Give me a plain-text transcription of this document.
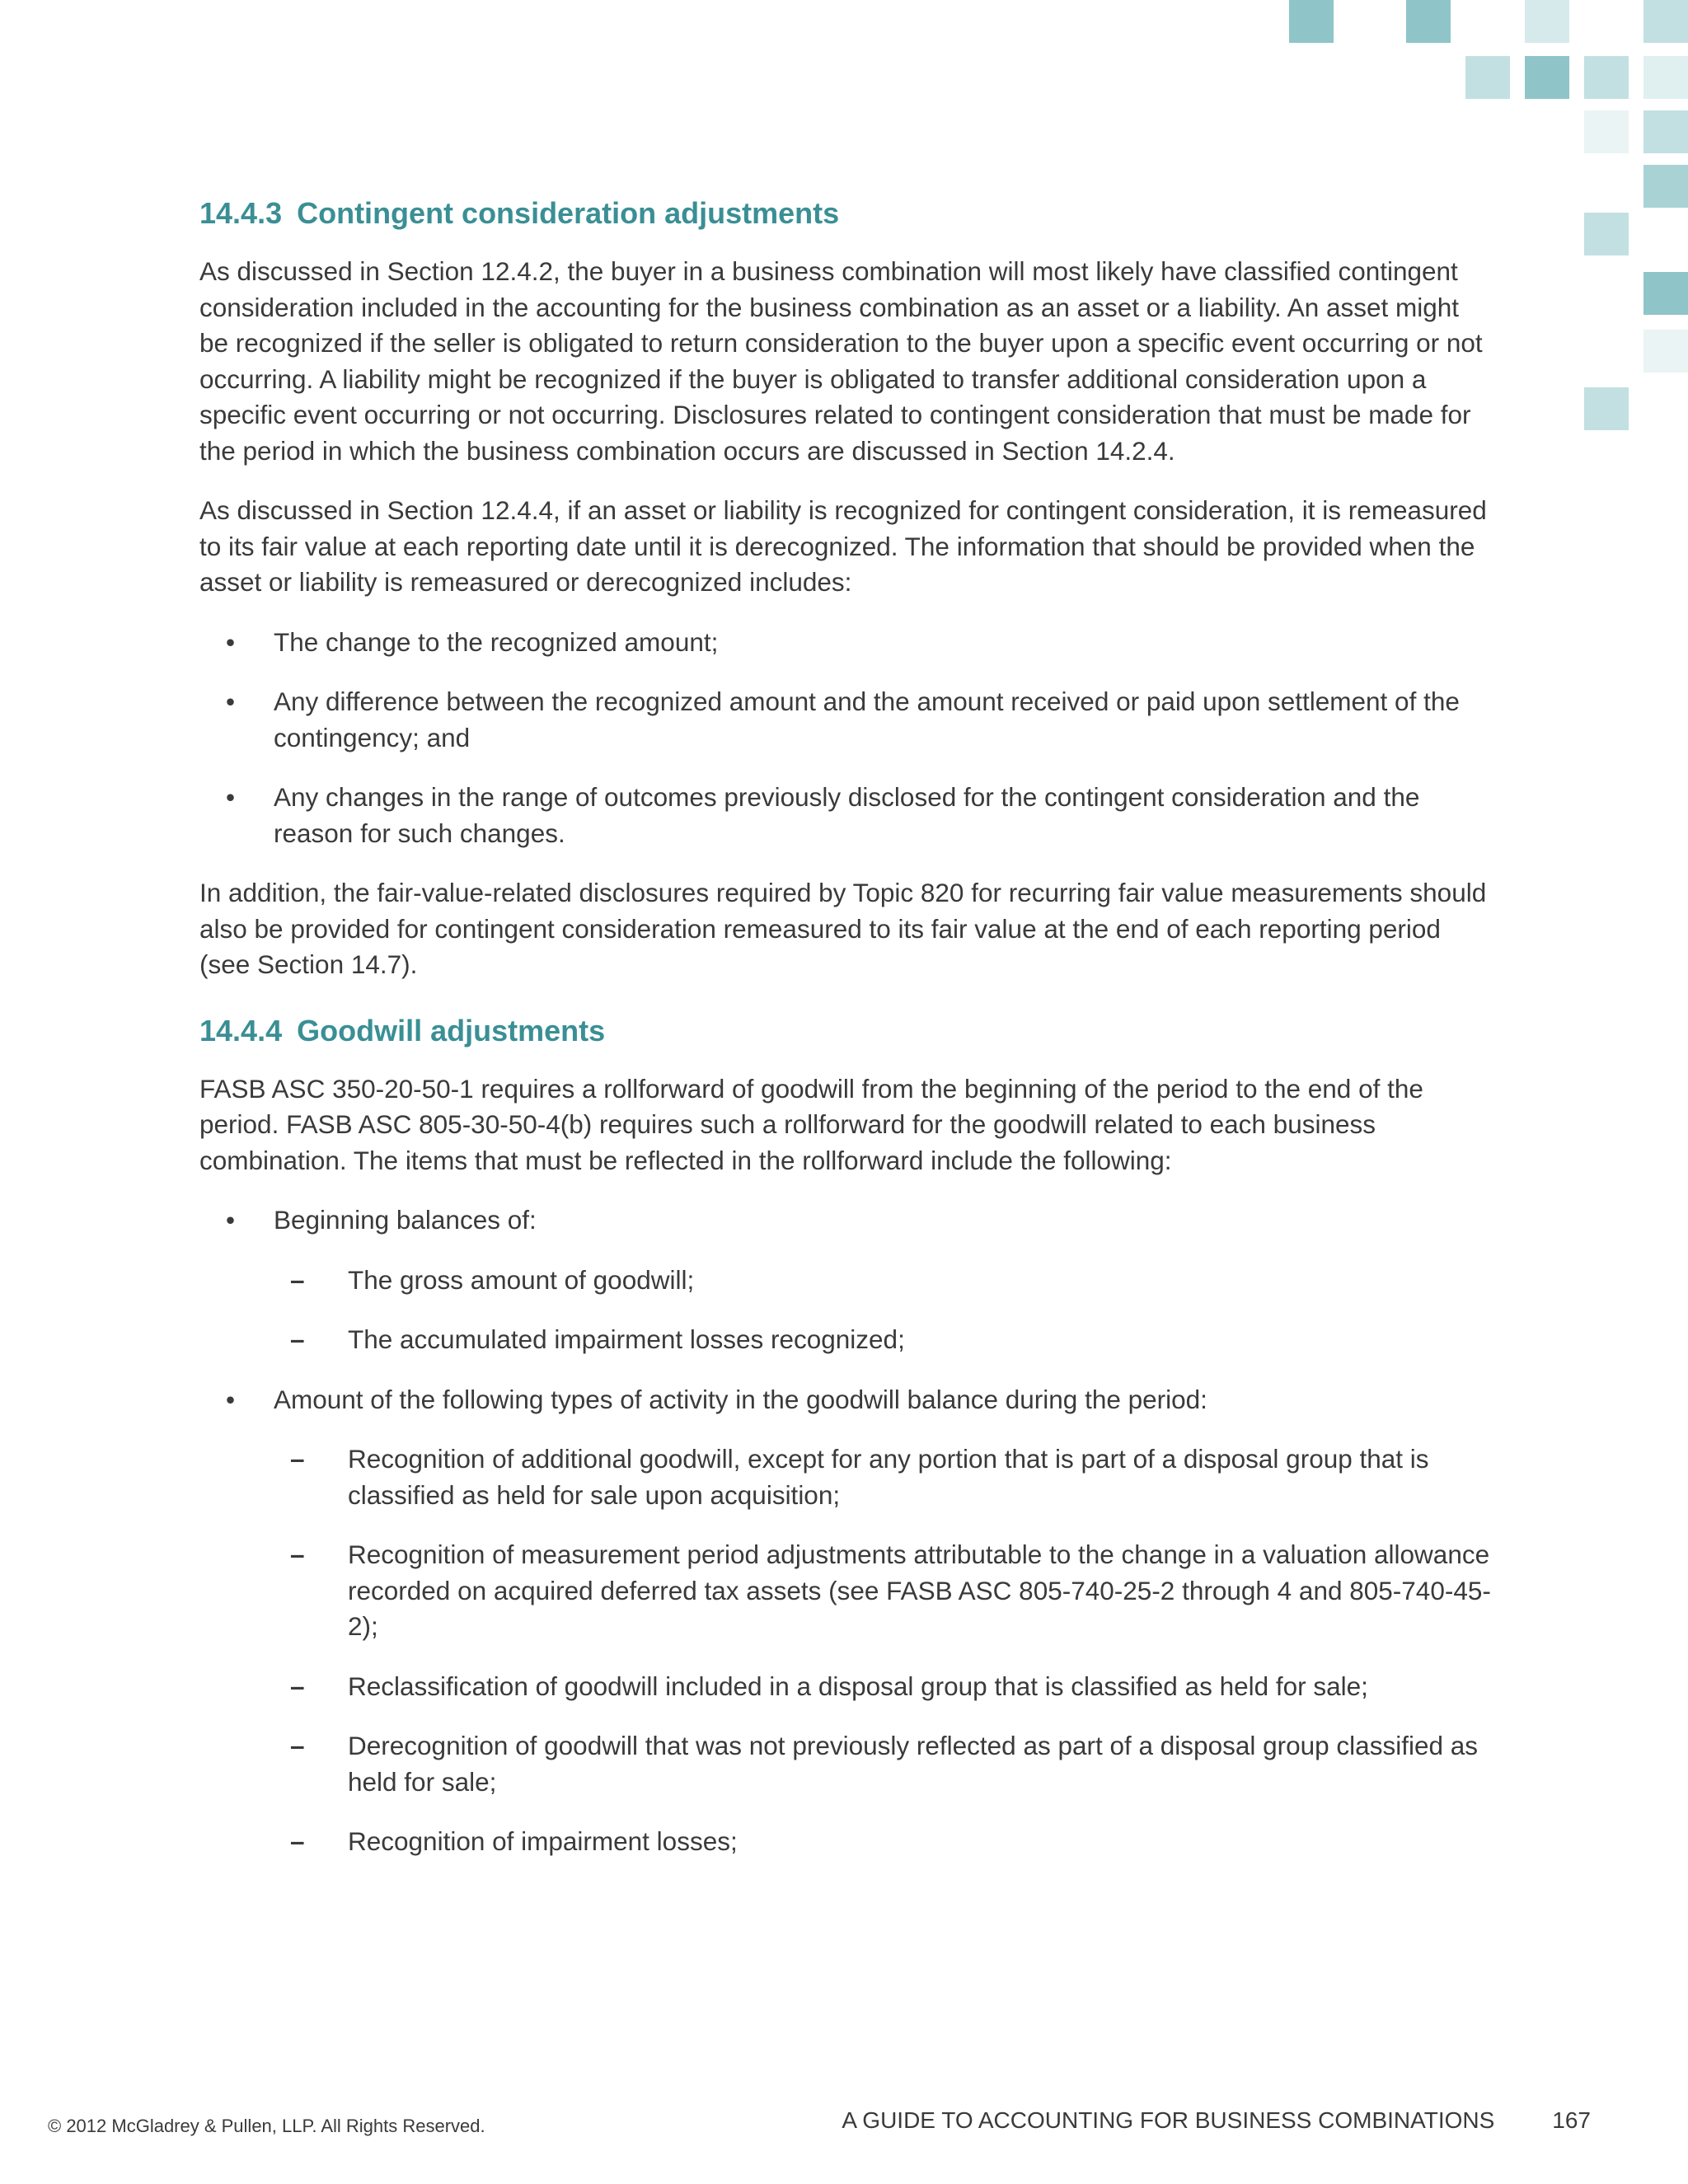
14.4.3 Contingent consideration adjustments

As discussed in Section 12.4.2, the buyer in a business combination will most likely have classified contingent consideration included in the accounting for the business combination as an asset or a liability. An asset might be recognized if the seller is obligated to return consideration to the buyer upon a specific event occurring or not occurring. A liability might be recognized if the buyer is obligated to transfer additional consideration upon a specific event occurring or not occurring. Disclosures related to contingent consideration that must be made for the period in which the business combination occurs are discussed in Section 14.2.4.

As discussed in Section 12.4.4, if an asset or liability is recognized for contingent consideration, it is remeasured to its fair value at each reporting date until it is derecognized. The information that should be provided when the asset or liability is remeasured or derecognized includes:

• The change to the recognized amount;
• Any difference between the recognized amount and the amount received or paid upon settlement of the contingency; and
• Any changes in the range of outcomes previously disclosed for the contingent consideration and the reason for such changes.

In addition, the fair-value-related disclosures required by Topic 820 for recurring fair value measurements should also be provided for contingent consideration remeasured to its fair value at the end of each reporting period (see Section 14.7).

14.4.4 Goodwill adjustments

FASB ASC 350-20-50-1 requires a rollforward of goodwill from the beginning of the period to the end of the period. FASB ASC 805-30-50-4(b) requires such a rollforward for the goodwill related to each business combination. The items that must be reflected in the rollforward include the following:

• Beginning balances of:
– The gross amount of goodwill;
– The accumulated impairment losses recognized;
• Amount of the following types of activity in the goodwill balance during the period:
– Recognition of additional goodwill, except for any portion that is part of a disposal group that is classified as held for sale upon acquisition;
– Recognition of measurement period adjustments attributable to the change in a valuation allowance recorded on acquired deferred tax assets (see FASB ASC 805-740-25-2 through 4 and 805-740-45-2);
– Reclassification of goodwill included in a disposal group that is classified as held for sale;
– Derecognition of goodwill that was not previously reflected as part of a disposal group classified as held for sale;
– Recognition of impairment losses;
© 2012 McGladrey & Pullen, LLP. All Rights Reserved.	A GUIDE TO ACCOUNTING FOR BUSINESS COMBINATIONS	167
